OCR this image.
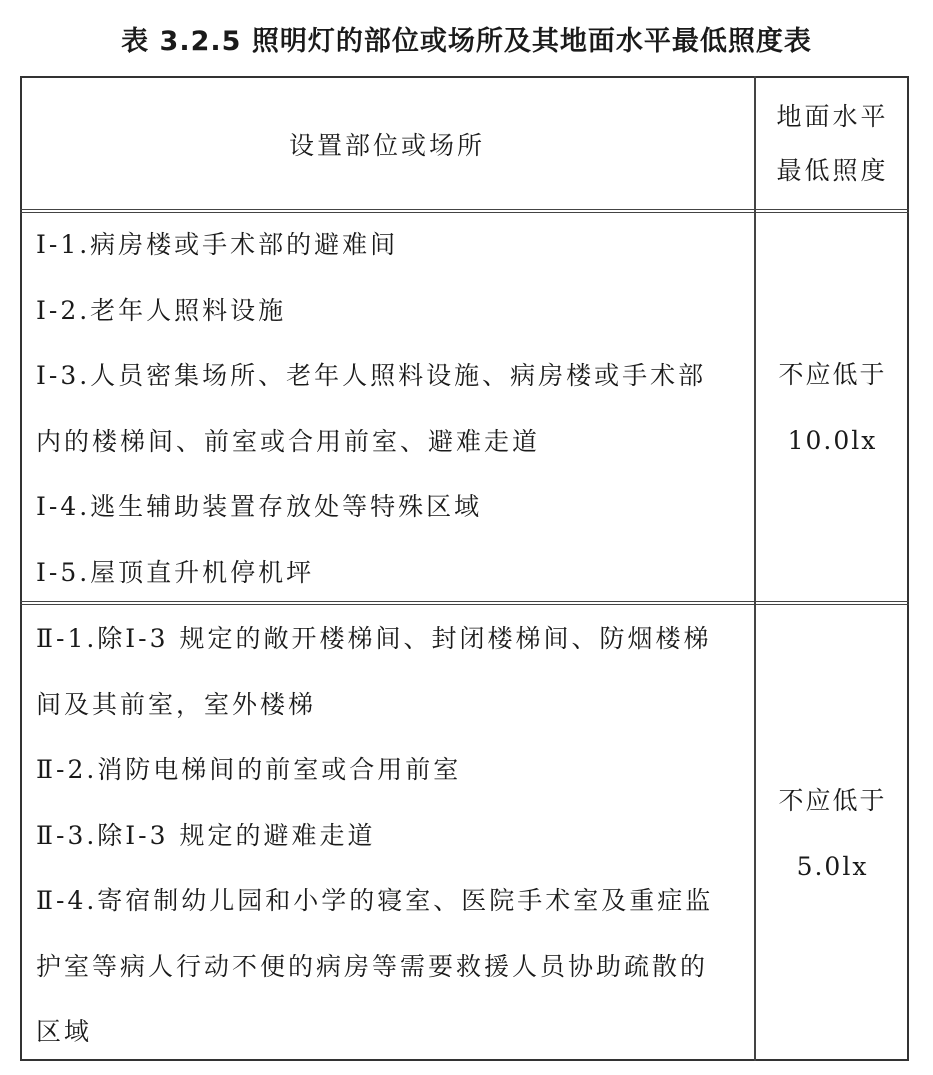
表 3.2.5 照明灯的部位或场所及其地面水平最低照度表
设置部位或场所
地面水平
最低照度
Ⅰ-1.病房楼或手术部的避难间
Ⅰ-2.老年人照料设施
Ⅰ-3.人员密集场所、老年人照料设施、病房楼或手术部
内的楼梯间、前室或合用前室、避难走道
Ⅰ-4.逃生辅助装置存放处等特殊区域
Ⅰ-5.屋顶直升机停机坪
不应低于
10.0lx
Ⅱ-1.除Ⅰ-3 规定的敞开楼梯间、封闭楼梯间、防烟楼梯
间及其前室，室外楼梯
Ⅱ-2.消防电梯间的前室或合用前室
Ⅱ-3.除Ⅰ-3 规定的避难走道
Ⅱ-4.寄宿制幼儿园和小学的寝室、医院手术室及重症监
护室等病人行动不便的病房等需要救援人员协助疏散的
区域
不应低于
5.0lx
